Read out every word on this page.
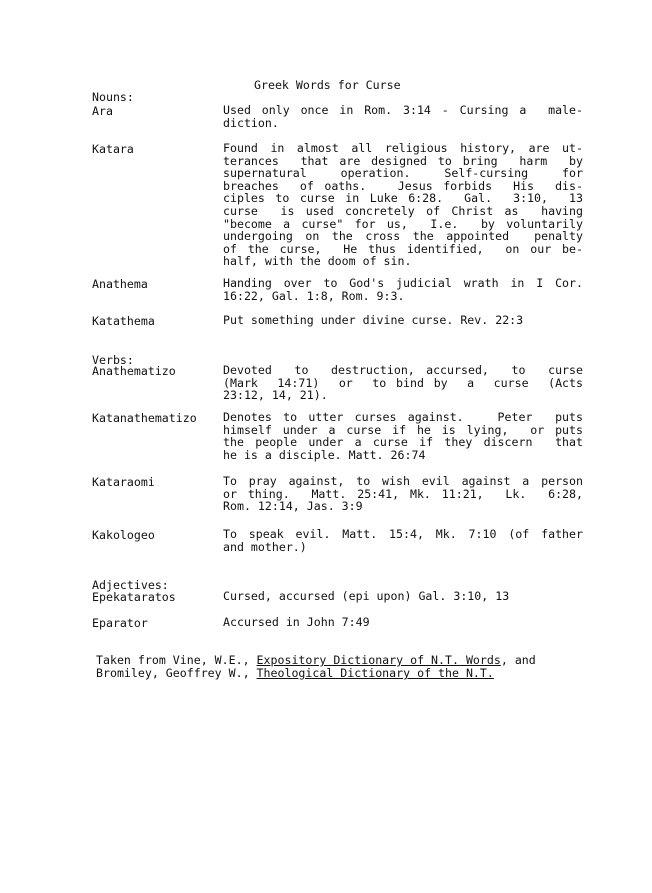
Greek Words for Curse
Nouns:
Verbs:
Adjectives:
Ara	Used only once in Rom. 3:14 - Cursing a  male-
diction.
Katara	Found in almost all religious history, are ut-
terances  that are designed to bring  harm  by
supernatural    operation.    Self-cursing    for
breaches  of oaths.   Jesus forbids  His  dis-
ciples to curse in Luke 6:28.  Gal.  3:10,  13
curse  is used concretely of Christ as  having
"become a curse" for us,  I.e.  by voluntarily
undergoing on the cross the appointed  penalty
of the curse,  He thus identified,  on our be-
half, with the doom of sin.
Anathema	Handing over to God's judicial wrath in I Cor.
16:22, Gal. 1:8, Rom. 9:3.
Katathema	Put something under divine curse. Rev. 22:3
Anathematizo	Devoted  to  destruction, accursed,  to  curse
(Mark  14:71)  or  to bind by  a  curse  (Acts
23:12, 14, 21).
Katanathematizo Denotes to utter curses against.   Peter  puts
himself under a curse if he is lying,  or puts
the people under a curse if they discern  that
he is a disciple. Matt. 26:74
Kataraomi	To pray against, to wish evil against a person
or thing.  Matt. 25:41, Mk. 11:21,  Lk.  6:28,
Rom. 12:14, Jas. 3:9
Kakologeo	To speak evil. Matt. 15:4, Mk. 7:10 (of father
and mother.)
Epekataratos	Cursed, accursed (epi upon) Gal. 3:10, 13
Eparator	Accursed in John 7:49
Taken from Vine, W.E., Expository Dictionary of N.T. Words, and
Bromiley, Geoffrey W., Theological Dictionary of the N.T.
